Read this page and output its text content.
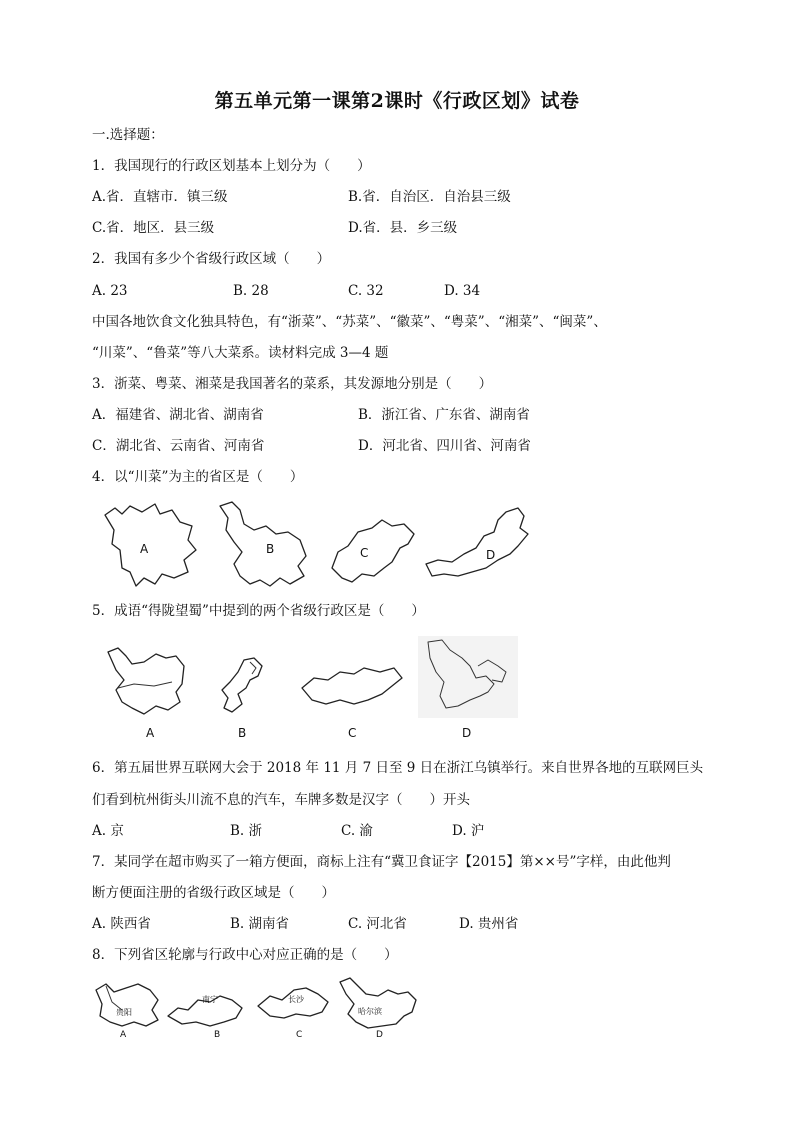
第五单元第一课第2课时《行政区划》试卷
一.选择题：
1．我国现行的行政区划基本上划分为（　　）
A.省．直辖市．镇三级	B.省．自治区．自治县三级
C.省．地区．县三级	D.省．县．乡三级
2．我国有多少个省级行政区域（　　）
A. 23	B. 28	C. 32	D. 34
中国各地饮食文化独具特色，有“浙菜”、“苏菜”、“徽菜”、“粤菜”、“湘菜”、“闽菜”、
“川菜”、“鲁菜”等八大菜系。读材料完成 3—4 题
3．浙菜、粤菜、湘菜是我国著名的菜系，其发源地分别是（　　）
A．福建省、湖北省、湖南省	B．浙江省、广东省、湖南省
C．湖北省、云南省、河南省	D．河北省、四川省、河南省
4．以“川菜”为主的省区是（　　）
A	B	C	D
5．成语“得陇望蜀”中提到的两个省级行政区是（　　）
A	B	C	D
6．第五届世界互联网大会于 2018 年 11 月 7 日至 9 日在浙江乌镇举行。来自世界各地的互联网巨头
们看到杭州街头川流不息的汽车，车牌多数是汉字（　　）开头
A. 京	B. 浙	C. 渝	D. 沪
7．某同学在超市购买了一箱方便面，商标上注有“冀卫食证字【2015】第××号”字样，由此他判
断方便面注册的省级行政区域是（　　）
A. 陕西省	B. 湖南省	C. 河北省	D. 贵州省
8．下列省区轮廓与行政中心对应正确的是（　　）
贵阳
A
南宁
B
长沙
C
哈尔滨
D
